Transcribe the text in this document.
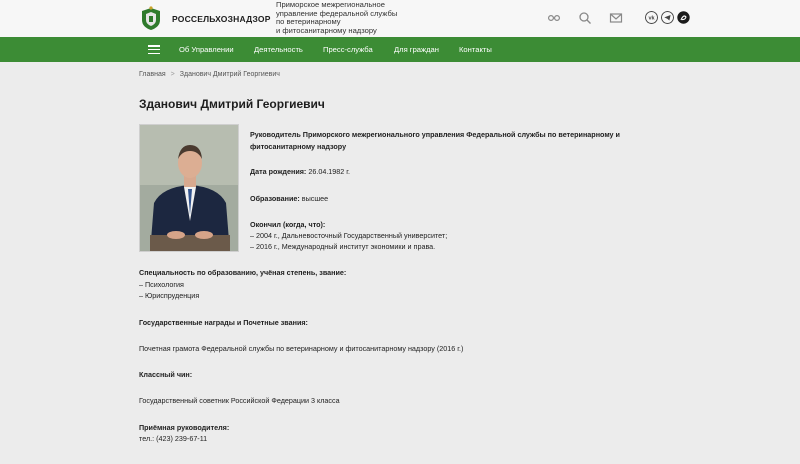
РОССЕЛЬХОЗНАДЗОР
Приморское межрегиональное
управление федеральной службы
по ветеринарному
и фитосанитарному надзору
vk
Об Управлении	Деятельность	Пресс-служба	Для граждан	Контакты
Главная > Зданович Дмитрий Георгиевич
Зданович Дмитрий Георгиевич
Руководитель Приморского межрегионального управления Федеральной службы по ветеринарному и
фитосанитарному надзору
Дата рождения: 26.04.1982 г.
Образование: высшее
Окончил (когда, что):
– 2004 г., Дальневосточный Государственный университет;
– 2016 г., Международный институт экономики и права.
Специальность по образованию, учёная степень, звание:
– Психология
– Юриспруденция
Государственные награды и Почетные звания:
Почетная грамота Федеральной службы по ветеринарному и фитосанитарному надзору (2016 г.)
Классный чин:
Государственный советник Российской Федерации 3 класса
Приёмная руководителя:
тел.: (423) 239-67-11
